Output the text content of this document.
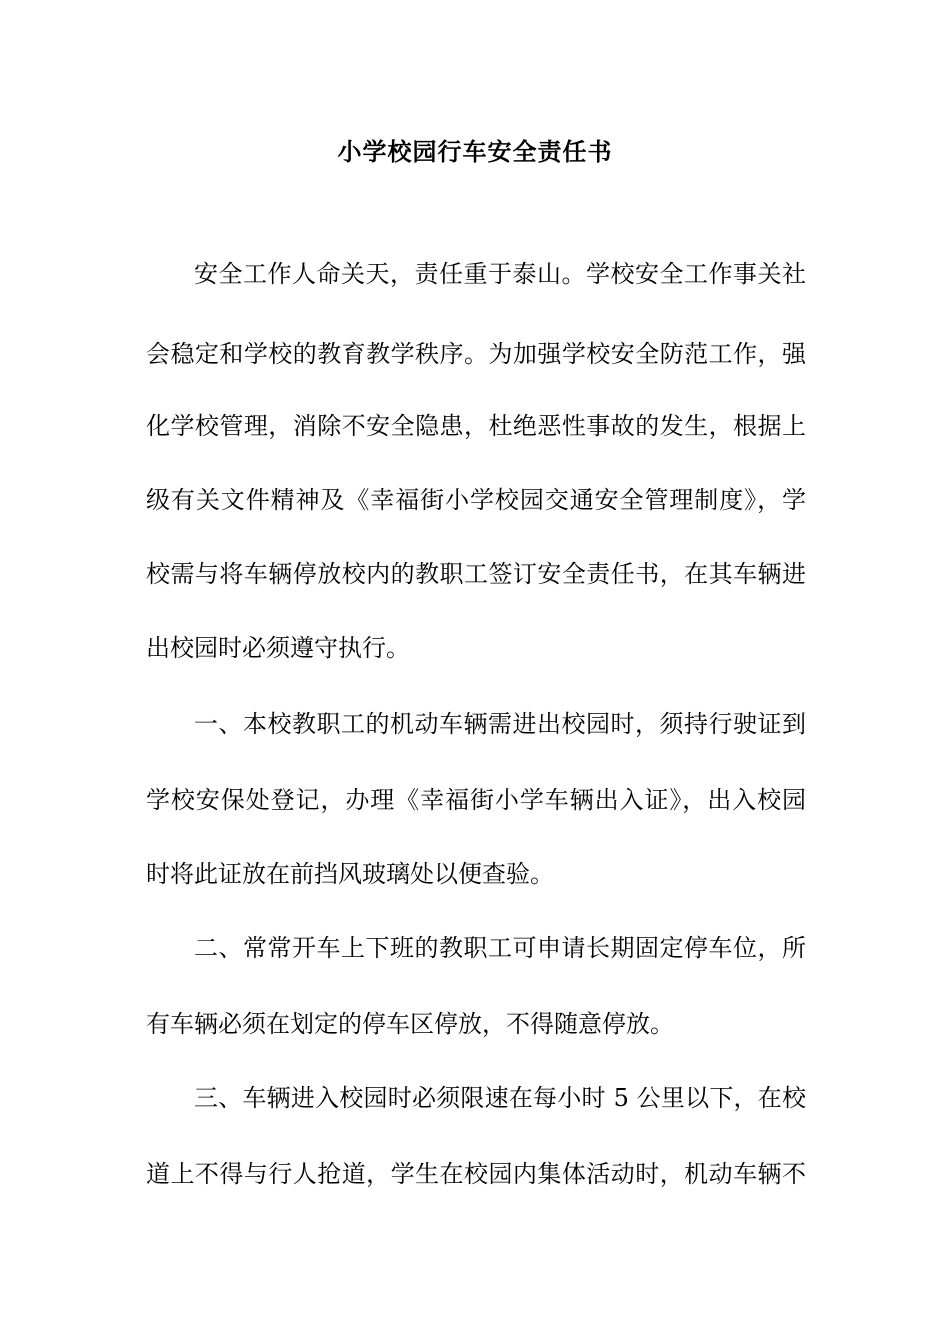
小学校园行车安全责任书
安全工作人命关天，责任重于泰山。学校安全工作事关社
会稳定和学校的教育教学秩序。为加强学校安全防范工作，强
化学校管理，消除不安全隐患，杜绝恶性事故的发生，根据上
级有关文件精神及《幸福街小学校园交通安全管理制度》，学
校需与将车辆停放校内的教职工签订安全责任书，在其车辆进
出校园时必须遵守执行。
一、本校教职工的机动车辆需进出校园时，须持行驶证到
学校安保处登记，办理《幸福街小学车辆出入证》，出入校园
时将此证放在前挡风玻璃处以便查验。
二、常常开车上下班的教职工可申请长期固定停车位，所
有车辆必须在划定的停车区停放，不得随意停放。
三、车辆进入校园时必须限速在每小时 5 公里以下，在校
道上不得与行人抢道，学生在校园内集体活动时，机动车辆不
